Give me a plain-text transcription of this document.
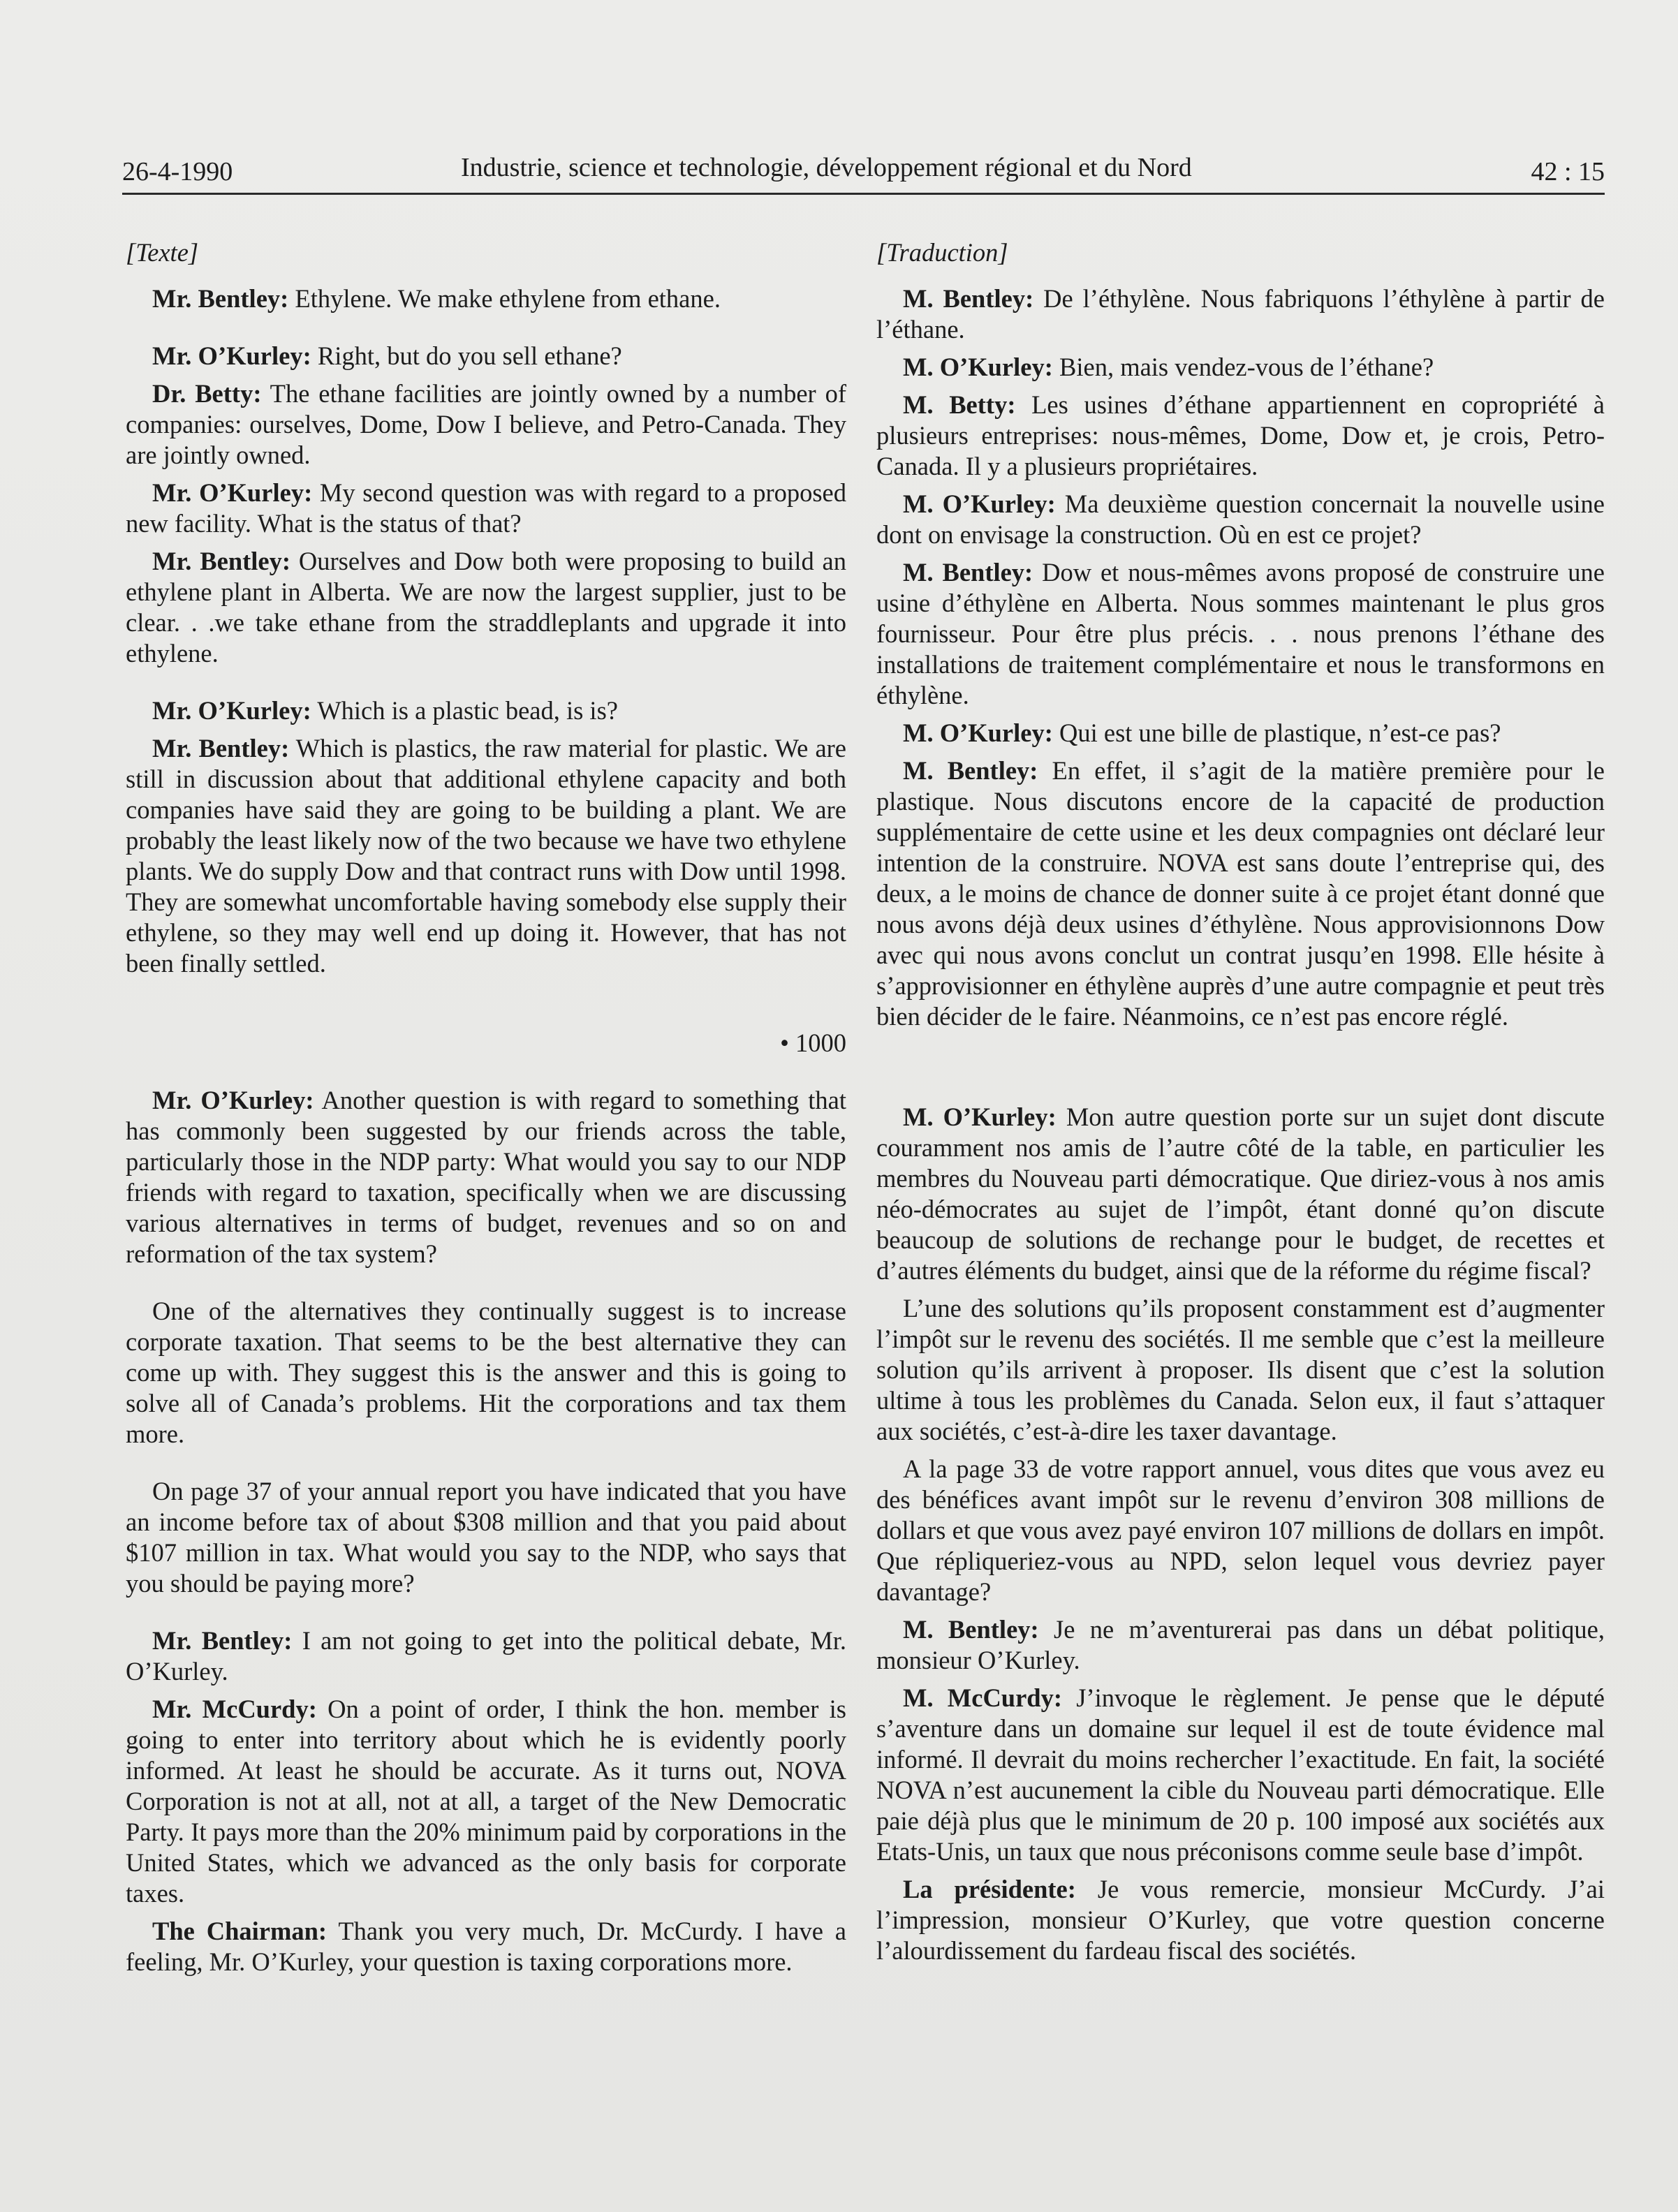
26-4-1990	Industrie, science et technologie, développement régional et du Nord	42 : 15

[Texte]

Mr. Bentley: Ethylene. We make ethylene from ethane.

Mr. O’Kurley: Right, but do you sell ethane?

Dr. Betty: The ethane facilities are jointly owned by a number of companies: ourselves, Dome, Dow I believe, and Petro-Canada. They are jointly owned.

Mr. O’Kurley: My second question was with regard to a proposed new facility. What is the status of that?

Mr. Bentley: Ourselves and Dow both were proposing to build an ethylene plant in Alberta. We are now the largest supplier, just to be clear. . .we take ethane from the straddleplants and upgrade it into ethylene.

Mr. O’Kurley: Which is a plastic bead, is is?

Mr. Bentley: Which is plastics, the raw material for plastic. We are still in discussion about that additional ethylene capacity and both companies have said they are going to be building a plant. We are probably the least likely now of the two because we have two ethylene plants. We do supply Dow and that contract runs with Dow until 1998. They are somewhat uncomfortable having somebody else supply their ethylene, so they may well end up doing it. However, that has not been finally settled.

• 1000

Mr. O’Kurley: Another question is with regard to something that has commonly been suggested by our friends across the table, particularly those in the NDP party: What would you say to our NDP friends with regard to taxation, specifically when we are discussing various alternatives in terms of budget, revenues and so on and reformation of the tax system?

One of the alternatives they continually suggest is to increase corporate taxation. That seems to be the best alternative they can come up with. They suggest this is the answer and this is going to solve all of Canada’s problems. Hit the corporations and tax them more.

On page 37 of your annual report you have indicated that you have an income before tax of about $308 million and that you paid about $107 million in tax. What would you say to the NDP, who says that you should be paying more?

Mr. Bentley: I am not going to get into the political debate, Mr. O’Kurley.

Mr. McCurdy: On a point of order, I think the hon. member is going to enter into territory about which he is evidently poorly informed. At least he should be accurate. As it turns out, NOVA Corporation is not at all, not at all, a target of the New Democratic Party. It pays more than the 20% minimum paid by corporations in the United States, which we advanced as the only basis for corporate taxes.

The Chairman: Thank you very much, Dr. McCurdy. I have a feeling, Mr. O’Kurley, your question is taxing corporations more.

[Traduction]

M. Bentley: De l’éthylène. Nous fabriquons l’éthylène à partir de l’éthane.

M. O’Kurley: Bien, mais vendez-vous de l’éthane?

M. Betty: Les usines d’éthane appartiennent en copropriété à plusieurs entreprises: nous-mêmes, Dome, Dow et, je crois, Petro-Canada. Il y a plusieurs propriétaires.

M. O’Kurley: Ma deuxième question concernait la nouvelle usine dont on envisage la construction. Où en est ce projet?

M. Bentley: Dow et nous-mêmes avons proposé de construire une usine d’éthylène en Alberta. Nous sommes maintenant le plus gros fournisseur. Pour être plus précis. . . nous prenons l’éthane des installations de traitement complémentaire et nous le transformons en éthylène.

M. O’Kurley: Qui est une bille de plastique, n’est-ce pas?

M. Bentley: En effet, il s’agit de la matière première pour le plastique. Nous discutons encore de la capacité de production supplémentaire de cette usine et les deux compagnies ont déclaré leur intention de la construire. NOVA est sans doute l’entreprise qui, des deux, a le moins de chance de donner suite à ce projet étant donné que nous avons déjà deux usines d’éthylène. Nous approvisionnons Dow avec qui nous avons conclut un contrat jusqu’en 1998. Elle hésite à s’approvisionner en éthylène auprès d’une autre compagnie et peut très bien décider de le faire. Néanmoins, ce n’est pas encore réglé.

M. O’Kurley: Mon autre question porte sur un sujet dont discute couramment nos amis de l’autre côté de la table, en particulier les membres du Nouveau parti démocratique. Que diriez-vous à nos amis néo-démocrates au sujet de l’impôt, étant donné qu’on discute beaucoup de solutions de rechange pour le budget, de recettes et d’autres éléments du budget, ainsi que de la réforme du régime fiscal?

L’une des solutions qu’ils proposent constamment est d’augmenter l’impôt sur le revenu des sociétés. Il me semble que c’est la meilleure solution qu’ils arrivent à proposer. Ils disent que c’est la solution ultime à tous les problèmes du Canada. Selon eux, il faut s’attaquer aux sociétés, c’est-à-dire les taxer davantage.

A la page 33 de votre rapport annuel, vous dites que vous avez eu des bénéfices avant impôt sur le revenu d’environ 308 millions de dollars et que vous avez payé environ 107 millions de dollars en impôt. Que répliqueriez-vous au NPD, selon lequel vous devriez payer davantage?

M. Bentley: Je ne m’aventurerai pas dans un débat politique, monsieur O’Kurley.

M. McCurdy: J’invoque le règlement. Je pense que le député s’aventure dans un domaine sur lequel il est de toute évidence mal informé. Il devrait du moins rechercher l’exactitude. En fait, la société NOVA n’est aucunement la cible du Nouveau parti démocratique. Elle paie déjà plus que le minimum de 20 p. 100 imposé aux sociétés aux Etats-Unis, un taux que nous préconisons comme seule base d’impôt.

La présidente: Je vous remercie, monsieur McCurdy. J’ai l’impression, monsieur O’Kurley, que votre question concerne l’alourdissement du fardeau fiscal des sociétés.
